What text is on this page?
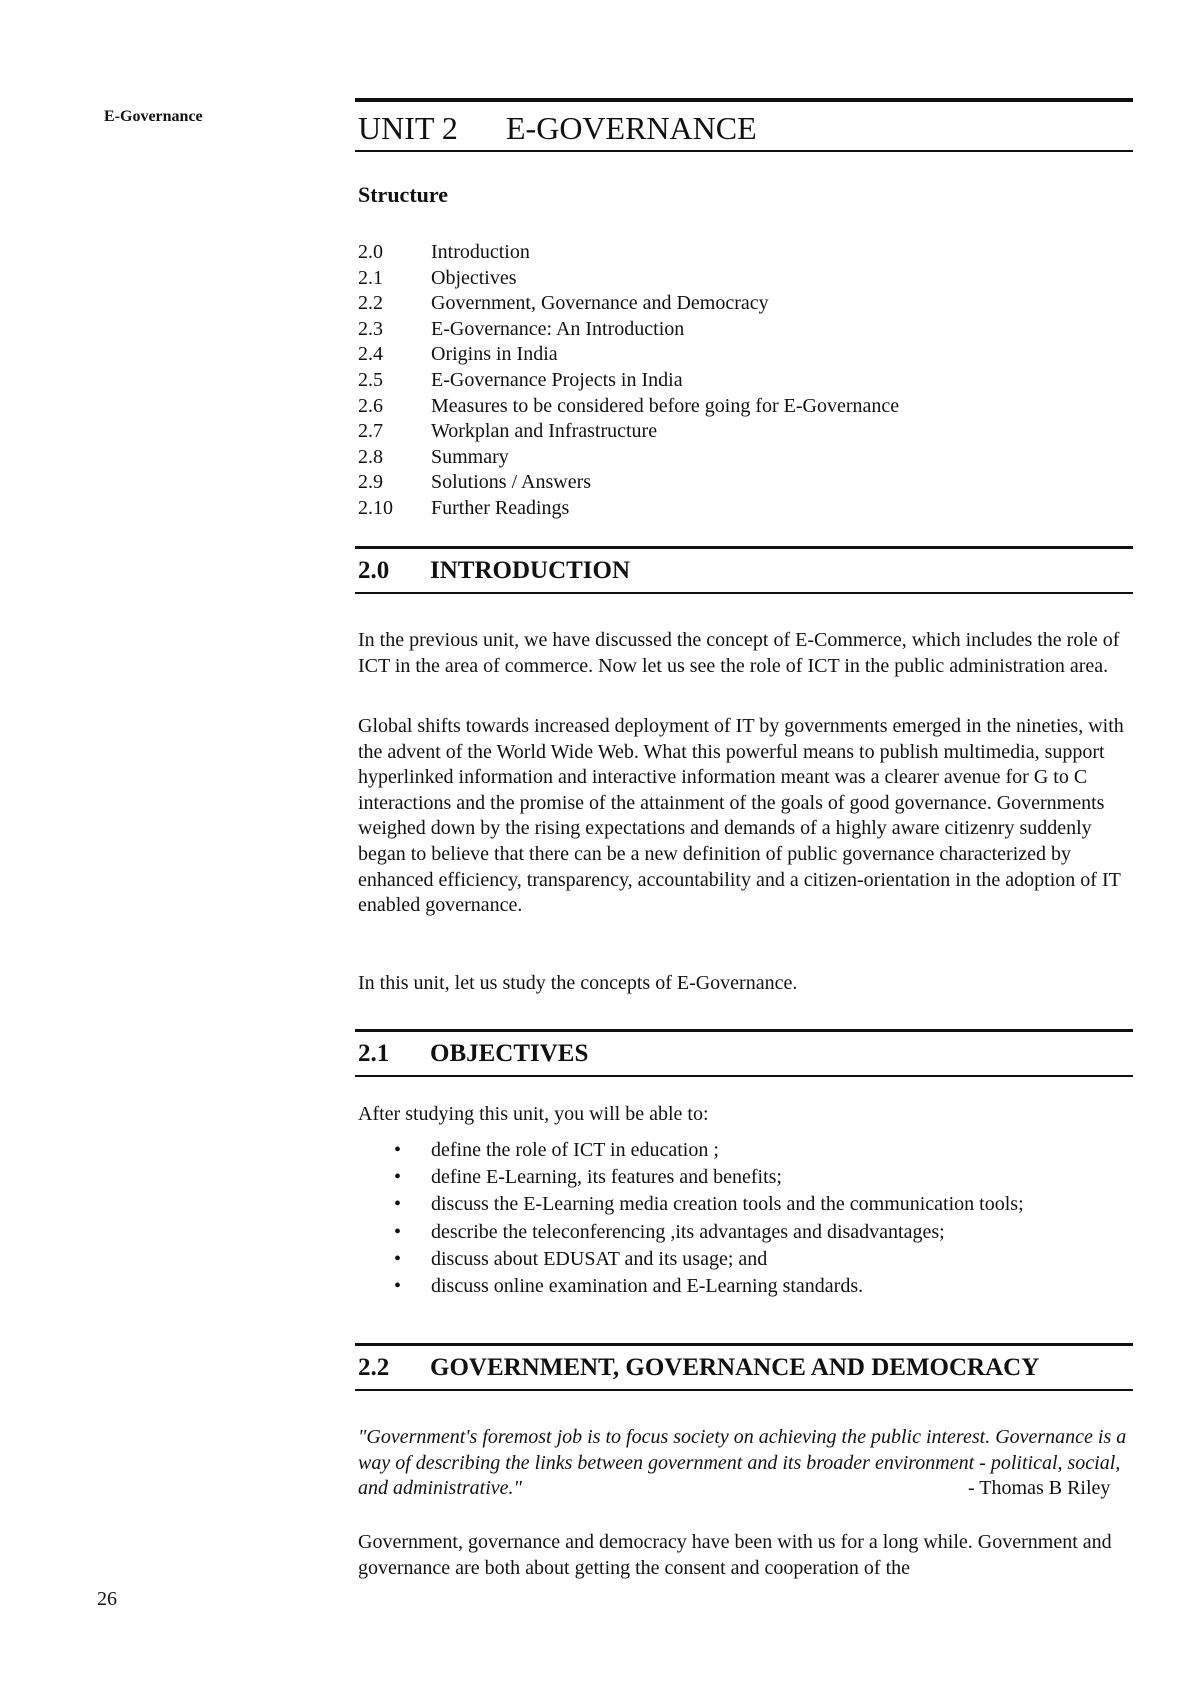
E-Governance	UNIT 2 E-GOVERNANCE
Structure
2.0 Introduction
2.1 Objectives
2.2 Government, Governance and Democracy
2.3 E-Governance: An Introduction
2.4 Origins in India
2.5 E-Governance Projects in India
2.6 Measures to be considered before going for E-Governance
2.7 Workplan and Infrastructure
2.8 Summary
2.9 Solutions / Answers
2.10 Further Readings
2.0 INTRODUCTION

In the previous unit, we have discussed the concept of E-Commerce, which includes the role of ICT in the area of commerce. Now let us see the role of ICT in the public administration area.

Global shifts towards increased deployment of IT by governments emerged in the nineties, with the advent of the World Wide Web. What this powerful means to publish multimedia, support hyperlinked information and interactive information meant was a clearer avenue for G to C interactions and the promise of the attainment of the goals of good governance. Governments weighed down by the rising expectations and demands of a highly aware citizenry suddenly began to believe that there can be a new definition of public governance characterized by enhanced efficiency, transparency, accountability and a citizen-orientation in the adoption of IT enabled governance.

In this unit, let us study the concepts of E-Governance.

2.1 OBJECTIVES

After studying this unit, you will be able to:

• define the role of ICT in education ;
• define E-Learning, its features and benefits;
• discuss the E-Learning media creation tools and the communication tools;
• describe the teleconferencing ,its advantages and disadvantages;
• discuss about EDUSAT and its usage; and
• discuss online examination and E-Learning standards.
2.2 GOVERNMENT, GOVERNANCE AND DEMOCRACY

"Government's foremost job is to focus society on achieving the public interest. Governance is a way of describing the links between government and its broader environment - political, social, and administrative."	- Thomas B Riley

Government, governance and democracy have been with us for a long while. Government and governance are both about getting the consent and cooperation of the

26
